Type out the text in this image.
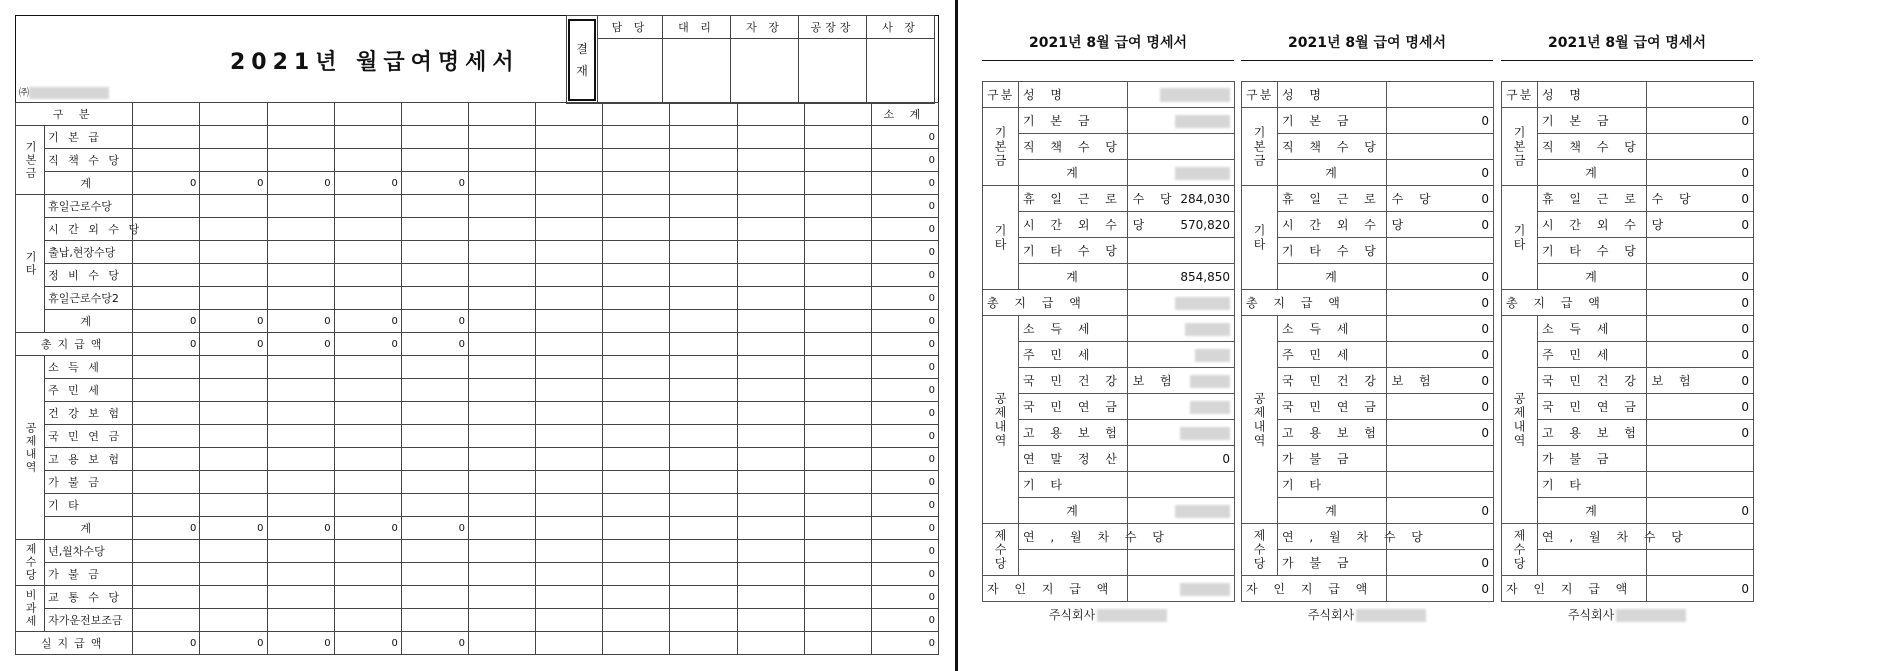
2021년 월급여명세서
㈜
결
재	담 당	대 리	자 장	공장장	사 장

구 분													소 계
기본금	기 본 급												0
	직 책 수 당												0
	계	0	0	0	0	0							0
기타	휴일근로수당												0
	시 간 외 수 당												0
	출납,현장수당												0
	정 비 수 당												0
	휴일근로수당2												0
	계	0	0	0	0	0							0
총지급액		0	0	0	0	0							0
공제내역	소 득 세												0
	주 민 세												0
	건 강 보 험												0
	국 민 연 금												0
	고 용 보 험												0
	가 불 금												0
	기 타												0
	계	0	0	0	0	0							0
제수당	년,월차수당												0
	가 불 금												0
비과세	교 통 수 당												0
	자가운전보조금												0
실지급액		0	0	0	0	0							0
2021년 8월 급여 명세서
구분	성 명	
기본금	기 본 금	
	직 책 수 당	
	계	
기타	휴 일 근 로 수 당	284,030
	시 간 외 수 당	570,820
	기 타 수 당	
	계	854,850
총 지 급 액		
공제내역	소 득 세	
	주 민 세	
	국 민 건 강 보 험	
	국 민 연 금	
	고 용 보 험	
	연 말 정 산	0
	기 타	
	계	
제수당	연 , 월 차 수 당	

자 인 지 급 액		
주식회사
2021년 8월 급여 명세서
구분	성 명	
기본금	기 본 금	0
	직 책 수 당	
	계	0
기타	휴 일 근 로 수 당	0
	시 간 외 수 당	0
	기 타 수 당	
	계	0
총 지 급 액		0
공제내역	소 득 세	0
	주 민 세	0
	국 민 건 강 보 험	0
	국 민 연 금	0
	고 용 보 험	0
	가 불 금	
	기 타	
	계	0
제수당	연 , 월 차 수 당	
	가 불 금	0
자 인 지 급 액		0
주식회사
2021년 8월 급여 명세서
구분	성 명	
기본금	기 본 금	0
	직 책 수 당	
	계	0
기타	휴 일 근 로 수 당	0
	시 간 외 수 당	0
	기 타 수 당	
	계	0
총 지 급 액		0
공제내역	소 득 세	0
	주 민 세	0
	국 민 건 강 보 험	0
	국 민 연 금	0
	고 용 보 험	0
	가 불 금	
	기 타	
	계	0
제수당	연 , 월 차 수 당	

자 인 지 급 액		0
주식회사
